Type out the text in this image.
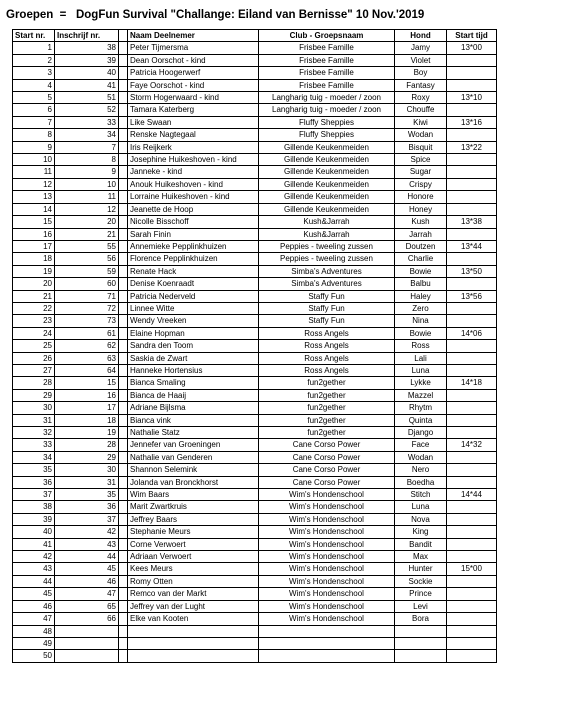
Groepen  =   DogFun Survival "Challange: Eiland van Bernisse" 10 Nov.'2019
Start nr.	Inschrijf nr.		Naam Deelnemer	Club - Groepsnaam	Hond	Start tijd
1	38		Peter Tijmersma	Frisbee Famille	Jamy	13*00
2	39		Dean Oorschot - kind	Frisbee Famille	Violet	
3	40		Patricia Hoogerwerf	Frisbee Famille	Boy	
4	41		Faye Oorschot - kind	Frisbee Famille	Fantasy	
5	51		Storm Hogerwaard - kind	Langharig tuig - moeder / zoon	Roxy	13*10
6	52		Tamara Katerberg	Langharig tuig - moeder / zoon	Chouffe	
7	33		Like Swaan	Fluffy Sheppies	Kiwi	13*16
8	34		Renske Nagtegaal	Fluffy Sheppies	Wodan	
9	7		Iris Reijkerk	Gillende Keukenmeiden	Bisquit	13*22
10	8		Josephine Huikeshoven - kind	Gillende Keukenmeiden	Spice	
11	9		Janneke - kind	Gillende Keukenmeiden	Sugar	
12	10		Anouk Huikeshoven - kind	Gillende Keukenmeiden	Crispy	
13	11		Lorraine Huikeshoven - kind	Gillende Keukenmeiden	Honore	
14	12		Jeanette de Hoop	Gillende Keukenmeiden	Honey	
15	20		Nicolle Bisschoff	Kush&Jarrah	Kush	13*38
16	21		Sarah Finin	Kush&Jarrah	Jarrah	
17	55		Annemieke Pepplinkhuizen	Peppies - tweeling zussen	Doutzen	13*44
18	56		Florence Pepplinkhuizen	Peppies - tweeling zussen	Charlie	
19	59		Renate Hack	Simba's Adventures	Bowie	13*50
20	60		Denise Koenraadt	Simba's Adventures	Balbu	
21	71		Patricia Nederveld	Staffy Fun	Haley	13*56
22	72		Linnee Witte	Staffy Fun	Zero	
23	73		Wendy Vreeken	Staffy Fun	Nina	
24	61		Elaine Hopman	Ross Angels	Bowie	14*06
25	62		Sandra den Toom	Ross Angels	Ross	
26	63		Saskia de Zwart	Ross Angels	Lali	
27	64		Hanneke Hortensius	Ross Angels	Luna	
28	15		Bianca Smaling	fun2gether	Lykke	14*18
29	16		Bianca de Haaij	fun2gether	Mazzel	
30	17		Adriane Bijlsma	fun2gether	Rhytm	
31	18		Bianca vink	fun2gether	Quinta	
32	19		Nathalie Statz	fun2gether	Django	
33	28		Jennefer van Groeningen	Cane Corso Power	Face	14*32
34	29		Nathalie van Genderen	Cane Corso Power	Wodan	
35	30		Shannon Selemink	Cane Corso Power	Nero	
36	31		Jolanda van Bronckhorst	Cane Corso Power	Boedha	
37	35		Wim Baars	Wim's Hondenschool	Stitch	14*44
38	36		Marit Zwartkruis	Wim's Hondenschool	Luna	
39	37		Jeffrey Baars	Wim's Hondenschool	Nova	
40	42		Stephanie Meurs	Wim's Hondenschool	King	
41	43		Corne Verwoert	Wim's Hondenschool	Bandit	
42	44		Adriaan Verwoert	Wim's Hondenschool	Max	
43	45		Kees Meurs	Wim's Hondenschool	Hunter	15*00
44	46		Romy Otten	Wim's Hondenschool	Sockie	
45	47		Remco van der Markt	Wim's Hondenschool	Prince	
46	65		Jeffrey van der Lught	Wim's Hondenschool	Levi	
47	66		Elke van Kooten	Wim's Hondenschool	Bora	
48						
49						
50						
